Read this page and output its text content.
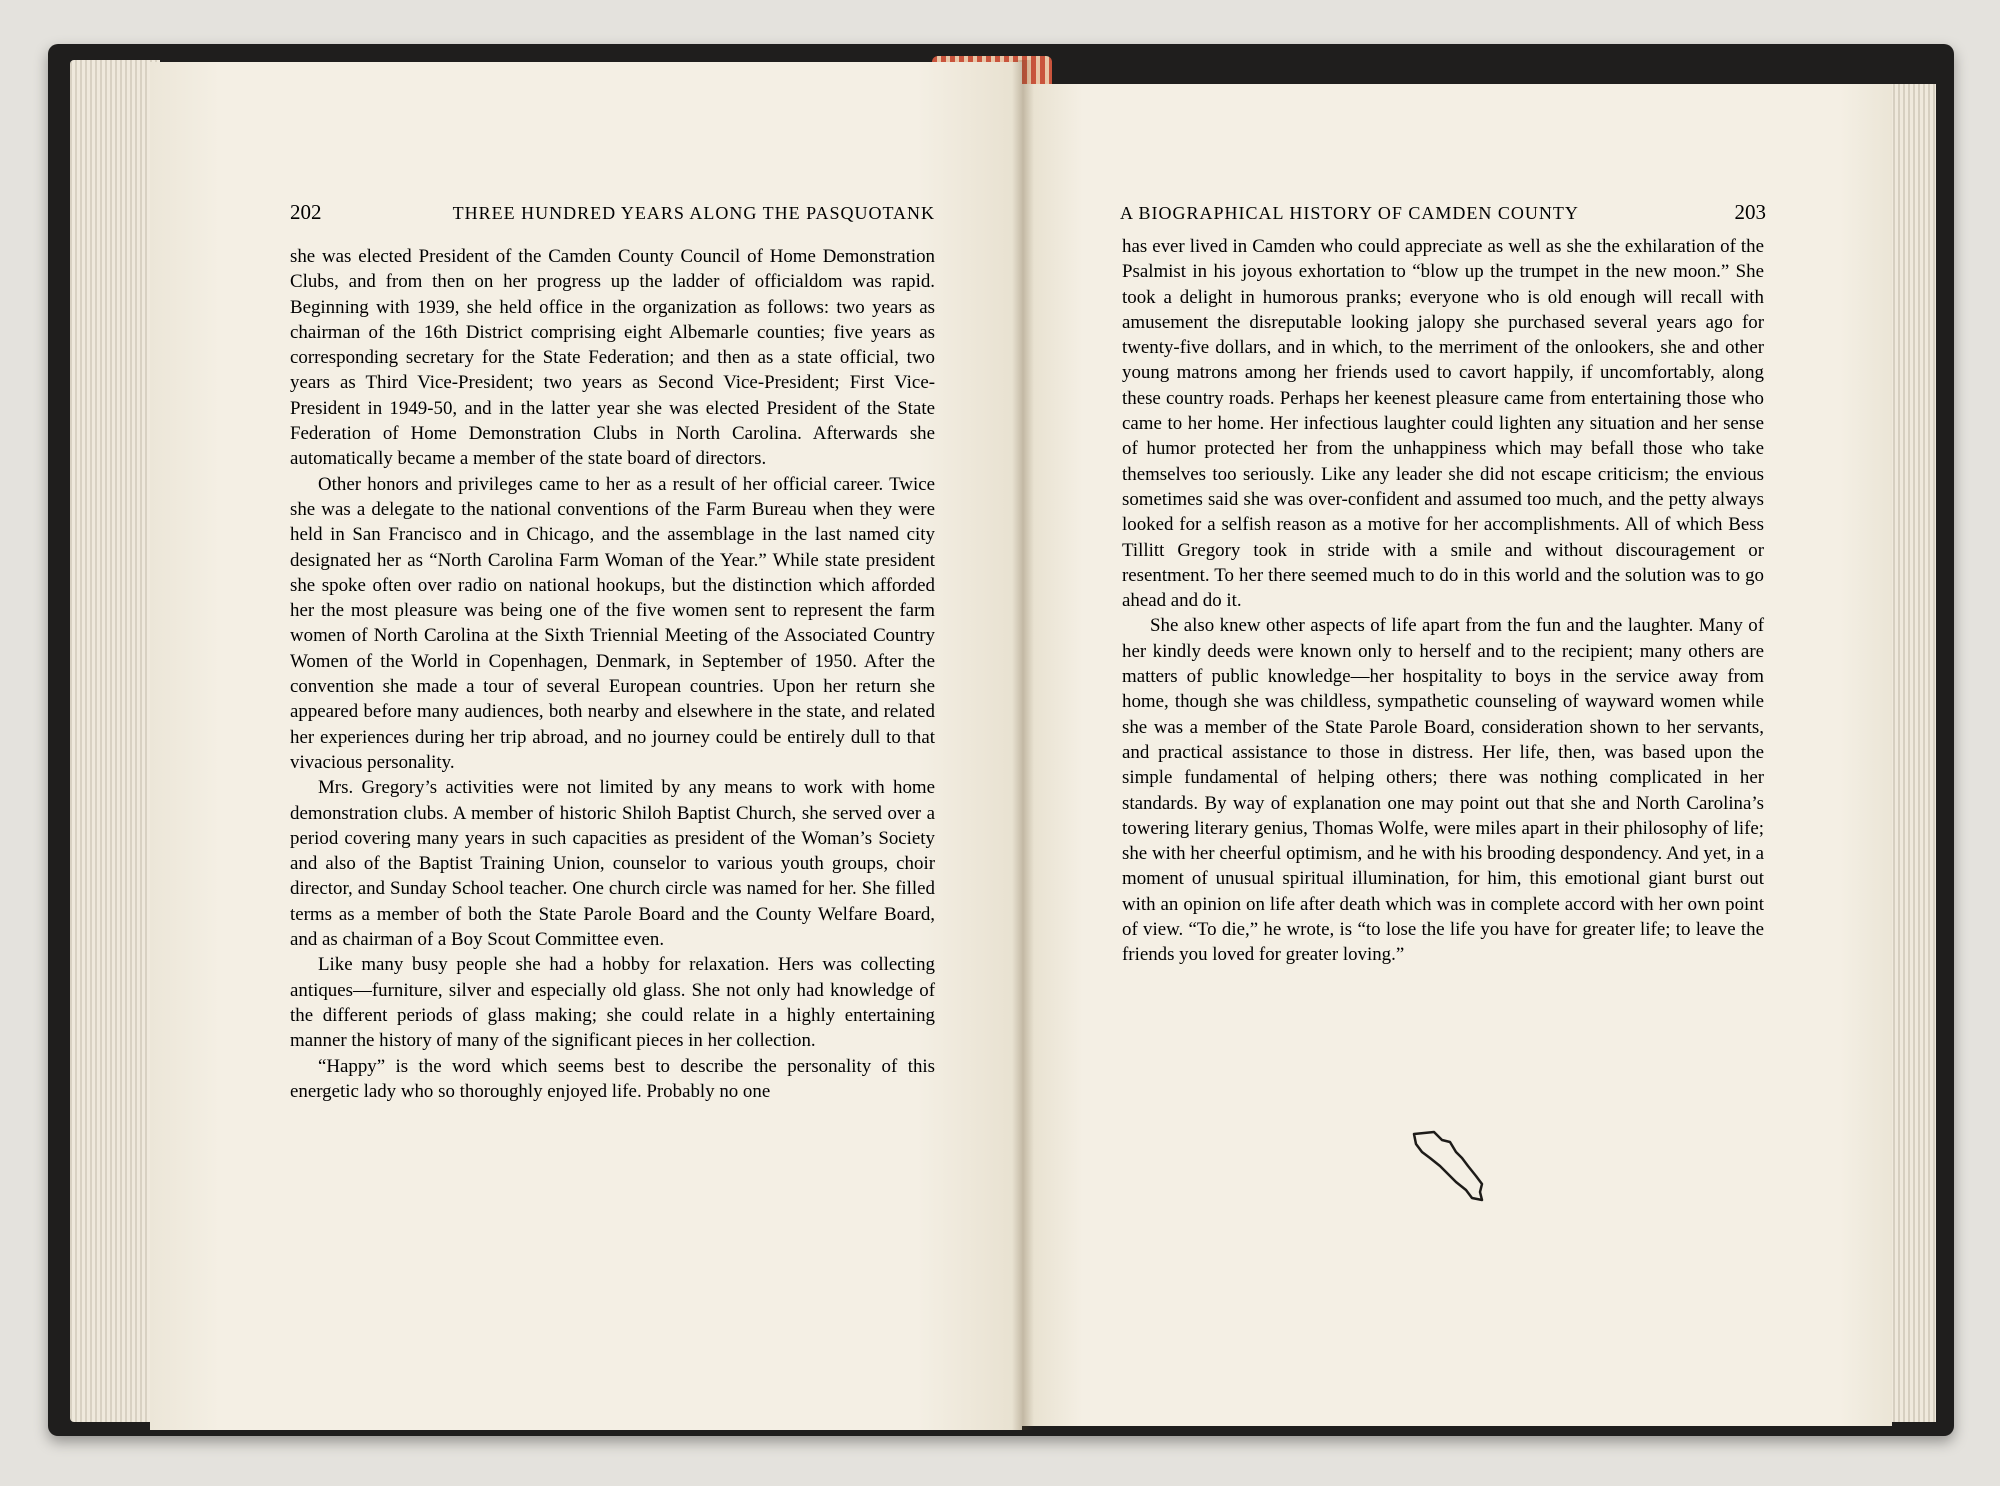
202	THREE HUNDRED YEARS ALONG THE PASQUOTANK	A BIOGRAPHICAL HISTORY OF CAMDEN COUNTY	203

she was elected President of the Camden County Council of Home Demonstration Clubs, and from then on her progress up the ladder of officialdom was rapid. Beginning with 1939, she held office in the organization as follows: two years as chairman of the 16th District comprising eight Albemarle counties; five years as corresponding secretary for the State Federation; and then as a state official, two years as Third Vice-President; two years as Second Vice-President; First Vice-President in 1949-50, and in the latter year she was elected President of the State Federation of Home Demonstration Clubs in North Carolina. Afterwards she automatically became a member of the state board of directors.

Other honors and privileges came to her as a result of her official career. Twice she was a delegate to the national conventions of the Farm Bureau when they were held in San Francisco and in Chicago, and the assemblage in the last named city designated her as “North Carolina Farm Woman of the Year.” While state president she spoke often over radio on national hookups, but the distinction which afforded her the most pleasure was being one of the five women sent to represent the farm women of North Carolina at the Sixth Triennial Meeting of the Associated Country Women of the World in Copenhagen, Denmark, in September of 1950. After the convention she made a tour of several European countries. Upon her return she appeared before many audiences, both nearby and elsewhere in the state, and related her experiences during her trip abroad, and no journey could be entirely dull to that vivacious personality.

Mrs. Gregory’s activities were not limited by any means to work with home demonstration clubs. A member of historic Shiloh Baptist Church, she served over a period covering many years in such capacities as president of the Woman’s Society and also of the Baptist Training Union, counselor to various youth groups, choir director, and Sunday School teacher. One church circle was named for her. She filled terms as a member of both the State Parole Board and the County Welfare Board, and as chairman of a Boy Scout Committee even.

Like many busy people she had a hobby for relaxation. Hers was collecting antiques—furniture, silver and especially old glass. She not only had knowledge of the different periods of glass making; she could relate in a highly entertaining manner the history of many of the significant pieces in her collection.

“Happy” is the word which seems best to describe the personality of this energetic lady who so thoroughly enjoyed life. Probably no one

has ever lived in Camden who could appreciate as well as she the exhilaration of the Psalmist in his joyous exhortation to “blow up the trumpet in the new moon.” She took a delight in humorous pranks; everyone who is old enough will recall with amusement the disreputable looking jalopy she purchased several years ago for twenty-five dollars, and in which, to the merriment of the onlookers, she and other young matrons among her friends used to cavort happily, if uncomfortably, along these country roads. Perhaps her keenest pleasure came from entertaining those who came to her home. Her infectious laughter could lighten any situation and her sense of humor protected her from the unhappiness which may befall those who take themselves too seriously. Like any leader she did not escape criticism; the envious sometimes said she was over-confident and assumed too much, and the petty always looked for a selfish reason as a motive for her accomplishments. All of which Bess Tillitt Gregory took in stride with a smile and without discouragement or resentment. To her there seemed much to do in this world and the solution was to go ahead and do it.

She also knew other aspects of life apart from the fun and the laughter. Many of her kindly deeds were known only to herself and to the recipient; many others are matters of public knowledge—her hospitality to boys in the service away from home, though she was childless, sympathetic counseling of wayward women while she was a member of the State Parole Board, consideration shown to her servants, and practical assistance to those in distress. Her life, then, was based upon the simple fundamental of helping others; there was nothing complicated in her standards. By way of explanation one may point out that she and North Carolina’s towering literary genius, Thomas Wolfe, were miles apart in their philosophy of life; she with her cheerful optimism, and he with his brooding despondency. And yet, in a moment of unusual spiritual illumination, for him, this emotional giant burst out with an opinion on life after death which was in complete accord with her own point of view. “To die,” he wrote, is “to lose the life you have for greater life; to leave the friends you loved for greater loving.”
